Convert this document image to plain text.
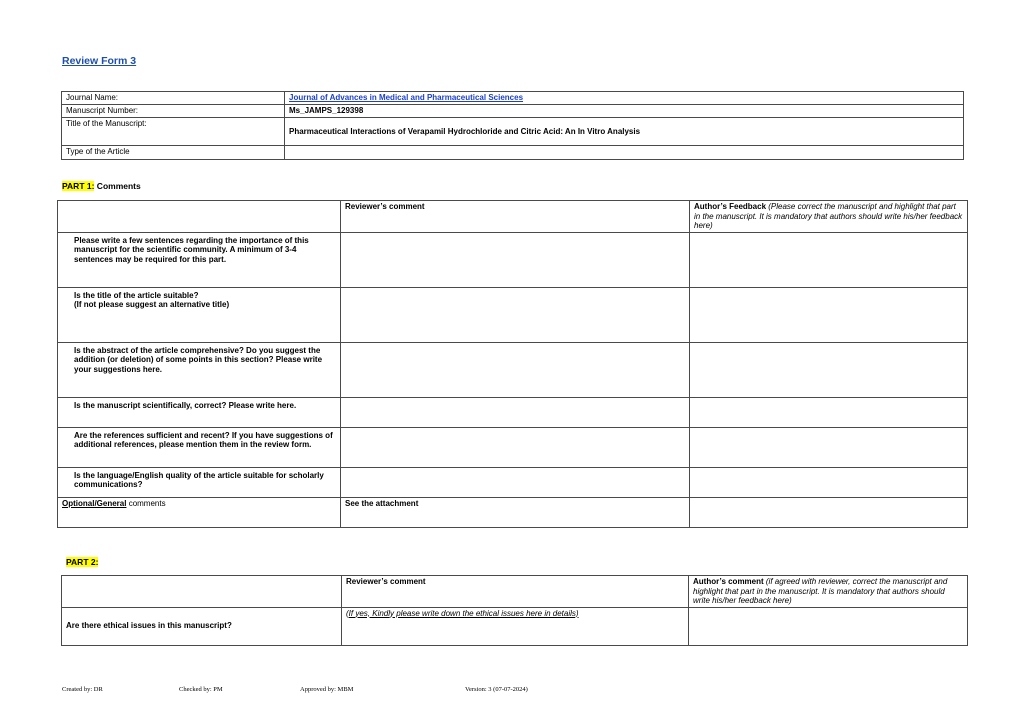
Review Form 3
Journal Name:	Journal of Advances in Medical and Pharmaceutical Sciences
Manuscript Number:	Ms_JAMPS_129398
Title of the Manuscript:	Pharmaceutical Interactions of Verapamil Hydrochloride and Citric Acid: An In Vitro Analysis
Type of the Article	
PART 1: Comments
	Reviewer’s comment	Author’s Feedback (Please correct the manuscript and highlight that part in the manuscript. It is mandatory that authors should write his/her feedback here)
Please write a few sentences regarding the importance of this manuscript for the scientific community. A minimum of 3-4 sentences may be required for this part.		
Is the title of the article suitable?
(If not please suggest an alternative title)		
Is the abstract of the article comprehensive? Do you suggest the addition (or deletion) of some points in this section? Please write your suggestions here.		
Is the manuscript scientifically, correct? Please write here.		
Are the references sufficient and recent? If you have suggestions of additional references, please mention them in the review form.		
Is the language/English quality of the article suitable for scholarly communications?		
Optional/General comments	See the attachment	
PART 2:
	Reviewer’s comment	Author’s comment (if agreed with reviewer, correct the manuscript and highlight that part in the manuscript. It is mandatory that authors should write his/her feedback here)
Are there ethical issues in this manuscript?	(If yes, Kindly please write down the ethical issues here in details)	
Created by: DR	Checked by: PM	Approved by: MBM	Version: 3 (07-07-2024)
